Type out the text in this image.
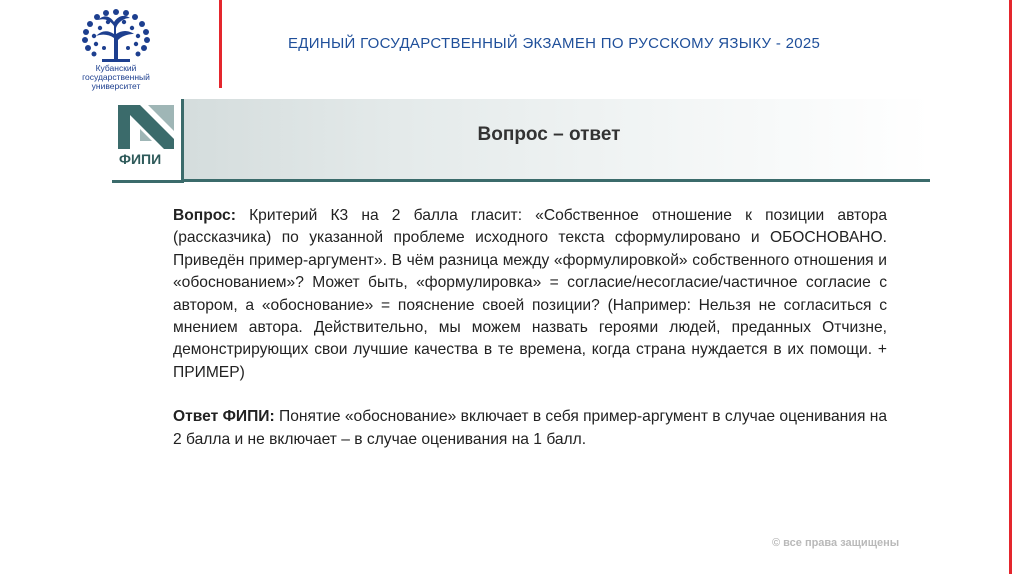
Кубанский
государственный
университет
ЕДИНЫЙ ГОСУДАРСТВЕННЫЙ ЭКЗАМЕН ПО РУССКОМУ ЯЗЫКУ - 2025
ФИПИ
Вопрос – ответ

Вопрос: Критерий К3 на 2 балла гласит: «Собственное отношение к позиции автора (рассказчика) по указанной проблеме исходного текста сформулировано и ОБОСНОВАНО. Приведён пример-аргумент». В чём разница между «формулировкой» собственного отношения и «обоснованием»? Может быть, «формулировка» = согласие/несогласие/частичное согласие с автором, а «обоснование» = пояснение своей позиции? (Например: Нельзя не согласиться с мнением автора. Действительно, мы можем назвать героями людей, преданных Отчизне, демонстрирующих свои лучшие качества в те времена, когда страна нуждается в их помощи. + ПРИМЕР)

Ответ ФИПИ: Понятие «обоснование» включает в себя пример-аргумент в случае оценивания на 2 балла и не включает – в случае оценивания на 1 балл.

© все права защищены
